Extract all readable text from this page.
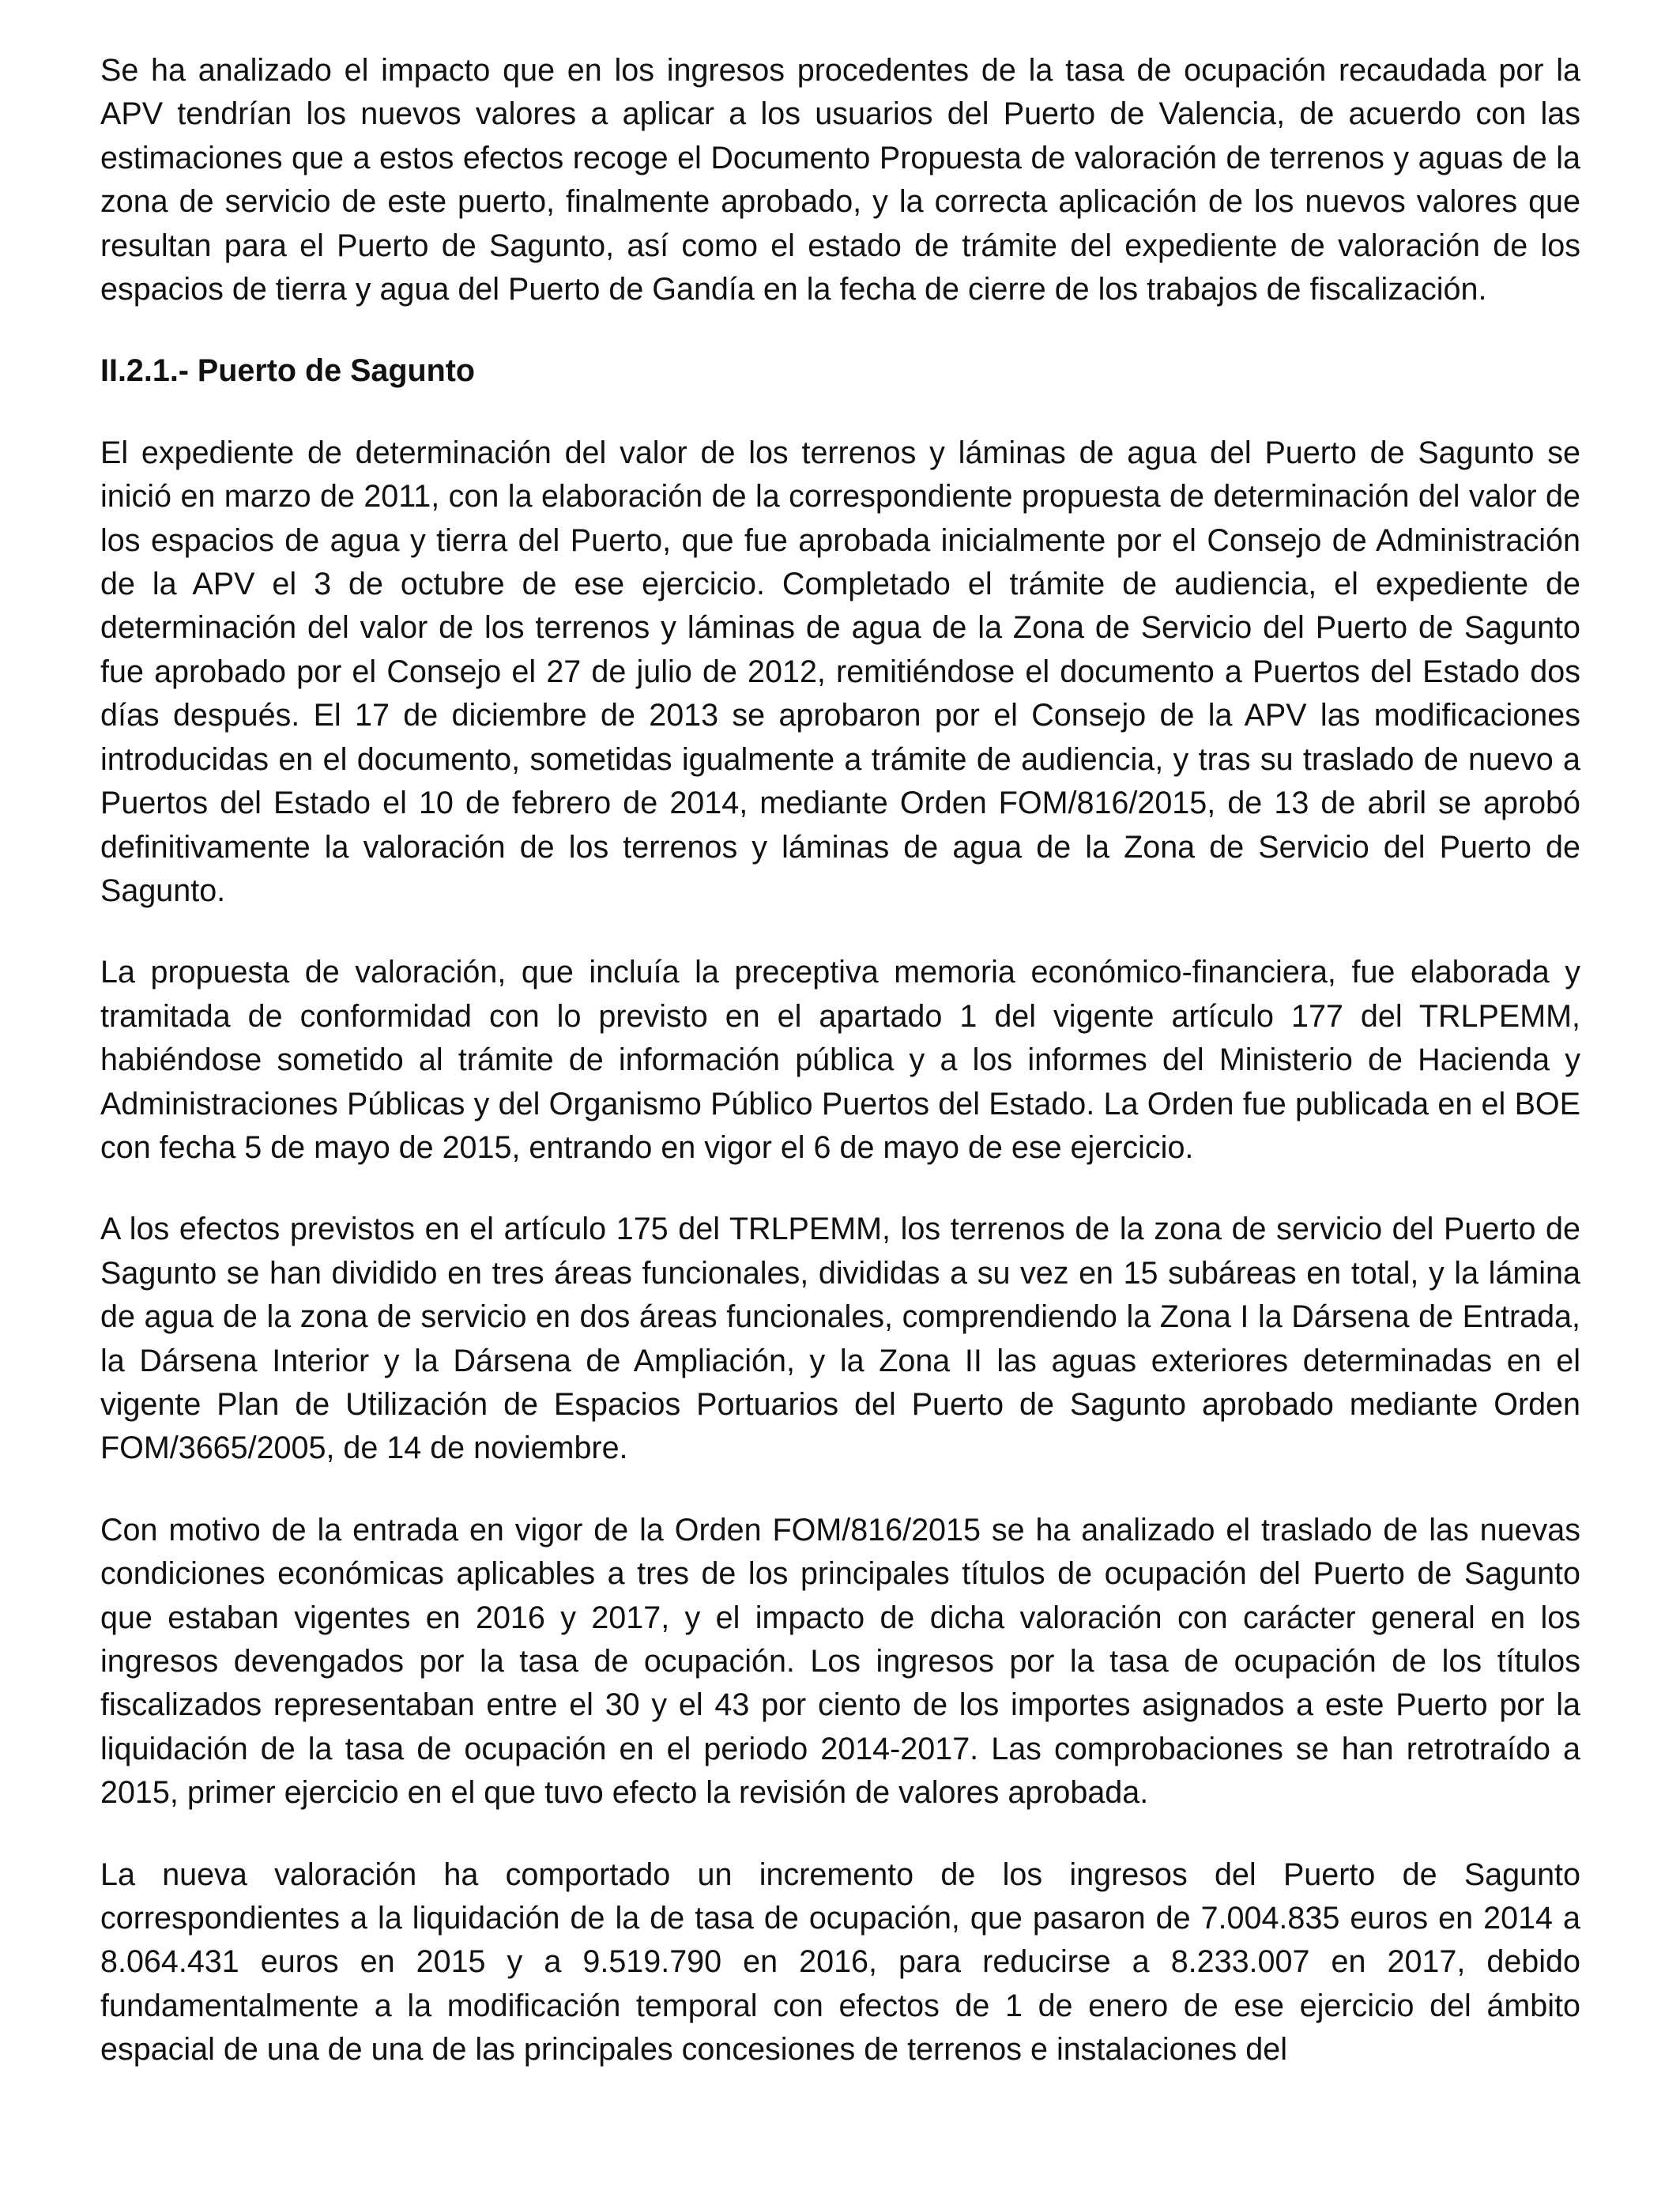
Se ha analizado el impacto que en los ingresos procedentes de la tasa de ocupación recaudada por la APV tendrían los nuevos valores a aplicar a los usuarios del Puerto de Valencia, de acuerdo con las estimaciones que a estos efectos recoge el Documento Propuesta de valoración de terrenos y aguas de la zona de servicio de este puerto, finalmente aprobado, y la correcta aplicación de los nuevos valores que resultan para el Puerto de Sagunto, así como el estado de trámite del expediente de valoración de los espacios de tierra y agua del Puerto de Gandía en la fecha de cierre de los trabajos de fiscalización.

II.2.1.- Puerto de Sagunto

El expediente de determinación del valor de los terrenos y láminas de agua del Puerto de Sagunto se inició en marzo de 2011, con la elaboración de la correspondiente propuesta de determinación del valor de los espacios de agua y tierra del Puerto, que fue aprobada inicialmente por el Consejo de Administración de la APV el 3 de octubre de ese ejercicio. Completado el trámite de audiencia, el expediente de determinación del valor de los terrenos y láminas de agua de la Zona de Servicio del Puerto de Sagunto fue aprobado por el Consejo el 27 de julio de 2012, remitiéndose el documento a Puertos del Estado dos días después. El 17 de diciembre de 2013 se aprobaron por el Consejo de la APV las modificaciones introducidas en el documento, sometidas igualmente a trámite de audiencia, y tras su traslado de nuevo a Puertos del Estado el 10 de febrero de 2014, mediante Orden FOM/816/2015, de 13 de abril se aprobó definitivamente la valoración de los terrenos y láminas de agua de la Zona de Servicio del Puerto de Sagunto.

La propuesta de valoración, que incluía la preceptiva memoria económico-financiera, fue elaborada y tramitada de conformidad con lo previsto en el apartado 1 del vigente artículo 177 del TRLPEMM, habiéndose sometido al trámite de información pública y a los informes del Ministerio de Hacienda y Administraciones Públicas y del Organismo Público Puertos del Estado. La Orden fue publicada en el BOE con fecha 5 de mayo de 2015, entrando en vigor el 6 de mayo de ese ejercicio.

A los efectos previstos en el artículo 175 del TRLPEMM, los terrenos de la zona de servicio del Puerto de Sagunto se han dividido en tres áreas funcionales, divididas a su vez en 15 subáreas en total, y la lámina de agua de la zona de servicio en dos áreas funcionales, comprendiendo la Zona I la Dársena de Entrada, la Dársena Interior y la Dársena de Ampliación, y la Zona II las aguas exteriores determinadas en el vigente Plan de Utilización de Espacios Portuarios del Puerto de Sagunto aprobado mediante Orden FOM/3665/2005, de 14 de noviembre.

Con motivo de la entrada en vigor de la Orden FOM/816/2015 se ha analizado el traslado de las nuevas condiciones económicas aplicables a tres de los principales títulos de ocupación del Puerto de Sagunto que estaban vigentes en 2016 y 2017, y el impacto de dicha valoración con carácter general en los ingresos devengados por la tasa de ocupación. Los ingresos por la tasa de ocupación de los títulos fiscalizados representaban entre el 30 y el 43 por ciento de los importes asignados a este Puerto por la liquidación de la tasa de ocupación en el periodo 2014-2017. Las comprobaciones se han retrotraído a 2015, primer ejercicio en el que tuvo efecto la revisión de valores aprobada.

La nueva valoración ha comportado un incremento de los ingresos del Puerto de Sagunto correspondientes a la liquidación de la de tasa de ocupación, que pasaron de 7.004.835 euros en 2014 a 8.064.431 euros en 2015 y a 9.519.790 en 2016, para reducirse a 8.233.007 en 2017, debido fundamentalmente a la modificación temporal con efectos de 1 de enero de ese ejercicio del ámbito espacial de una de una de las principales concesiones de terrenos e instalaciones del
